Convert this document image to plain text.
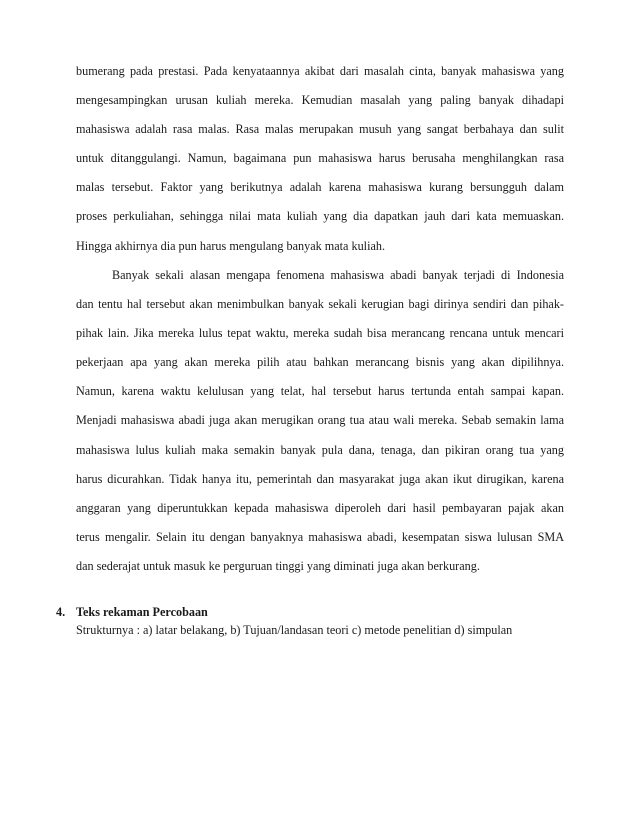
bumerang pada prestasi. Pada kenyataannya akibat dari masalah cinta, banyak mahasiswa yang
mengesampingkan urusan kuliah mereka. Kemudian masalah yang paling banyak dihadapi
mahasiswa adalah rasa malas. Rasa malas merupakan musuh yang sangat berbahaya dan sulit
untuk ditanggulangi. Namun, bagaimana pun mahasiswa harus berusaha menghilangkan rasa
malas tersebut. Faktor yang berikutnya adalah karena mahasiswa kurang bersungguh dalam
proses perkuliahan, sehingga nilai mata kuliah yang dia dapatkan jauh dari kata memuaskan.
Hingga akhirnya dia pun harus mengulang banyak mata kuliah.
Banyak sekali alasan mengapa fenomena mahasiswa abadi banyak terjadi di Indonesia
dan tentu hal tersebut akan menimbulkan banyak sekali kerugian bagi dirinya sendiri dan pihak-
pihak lain. Jika mereka lulus tepat waktu, mereka sudah bisa merancang rencana untuk mencari
pekerjaan apa yang akan mereka pilih atau bahkan merancang bisnis yang akan dipilihnya.
Namun, karena waktu kelulusan yang telat, hal tersebut harus tertunda entah sampai kapan.
Menjadi mahasiswa abadi juga akan merugikan orang tua atau wali mereka. Sebab semakin lama
mahasiswa lulus kuliah maka semakin banyak pula dana, tenaga, dan pikiran orang tua yang
harus dicurahkan. Tidak hanya itu, pemerintah dan masyarakat juga akan ikut dirugikan, karena
anggaran yang diperuntukkan kepada mahasiswa diperoleh dari hasil pembayaran pajak akan
terus mengalir. Selain itu dengan banyaknya mahasiswa abadi, kesempatan siswa lulusan SMA
dan sederajat untuk masuk ke perguruan tinggi yang diminati juga akan berkurang.
4. Teks rekaman Percobaan
Strukturnya : a) latar belakang, b) Tujuan/landasan teori c) metode penelitian d) simpulan
